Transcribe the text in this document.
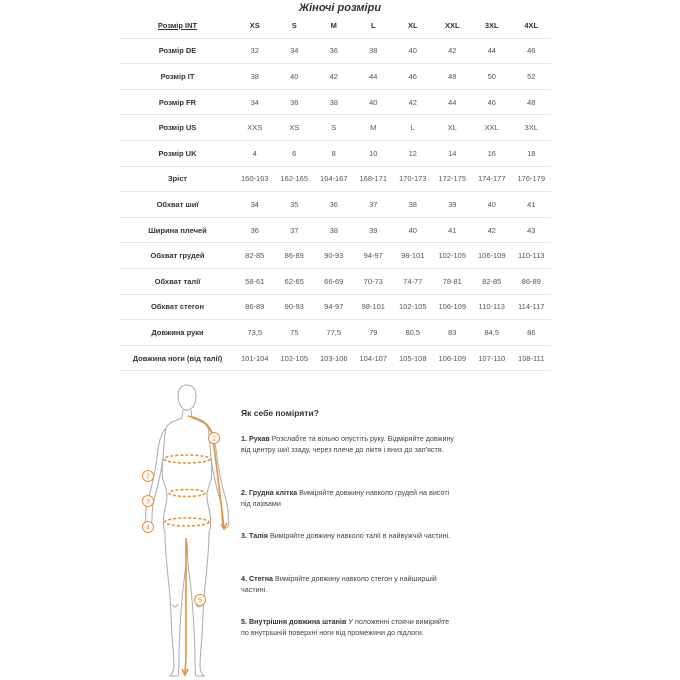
Жіночі розміри
Розмір INT	XS	S	M	L	XL	XXL	3XL	4XL
Розмір DE	32	34	36	38	40	42	44	46
Розмір IT	38	40	42	44	46	48	50	52
Розмір FR	34	36	38	40	42	44	46	48
Розмір US	XXS	XS	S	M	L	XL	XXL	3XL
Розмір UK	4	6	8	10	12	14	16	18
Зріст	160-163	162-165	164-167	168-171	170-173	172-175	174-177	176-179
Обхват шиї	34	35	36	37	38	39	40	41
Ширина плечей	36	37	38	39	40	41	42	43
Обхват грудей	82-85	86-89	90-93	94-97	98-101	102-105	106-109	110-113
Обхват талії	58-61	62-65	66-69	70-73	74-77	78-81	82-85	86-89
Обхват стегон	86-89	90-93	94-97	98-101	102-105	106-109	110-113	114-117
Довжина руки	73,5	75	77,5	79	80,5	83	84,5	86
Довжина ноги (від талії)	101-104	102-105	103-106	104-107	105-108	106-109	107-110	108-111
1
2
3
4
5
Як себе поміряти?
1. Рукав Розслабте та вільно опустіть руку. Відміряйте довжину від центру шиї ззаду, через плече до ліктя і вниз до зап'ястя.
2. Грудна клітка Виміряйте довжину навколо грудей на висоті під пахвами
3. Талія Виміряйте довжину навколо талії в найвужчій частині.
4. Стегна Виміряйте довжину навколо стегон у найширшій частині.
5. Внутрішня довжина штанів У положенні стоячи виміряйте по внутрішній поверхні ноги від промежини до підлоги.
